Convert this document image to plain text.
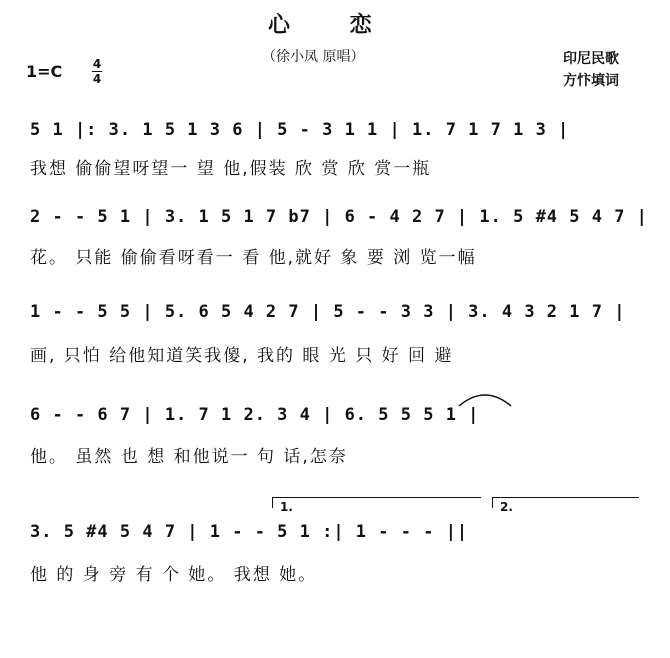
心 恋
（徐小凤 原唱）
1=C	4
4
印尼民歌
方忭填词
5 1 |: 3. 1 5 1 3 6 | 5 - 3 1 1 | 1. 7 1 7 1 3 |
我想 偷偷望呀望一 望 他,假装 欣 赏 欣 赏一瓶
2 - - 5 1 | 3. 1 5 1 7 b7 | 6 - 4 2 7 | 1. 5 #4 5 4 7 |
花。 只能 偷偷看呀看一 看 他,就好 象 要 浏 览一幅
1 - - 5 5 | 5. 6 5 4 2 7 | 5 - - 3 3 | 3. 4 3 2 1 7 |
画, 只怕 给他知道笑我傻, 我的 眼 光 只 好 回 避
6 - - 6 7 | 1. 7 1 2. 3 4 | 6. 5 5 5 1 |
他。 虽然 也 想 和他说一 句 话,怎奈
1.	2.
3. 5 #4 5 4 7 | 1 - - 5 1 :| 1 - - - ||
他 的 身 旁 有 个 她。 我想 她。
